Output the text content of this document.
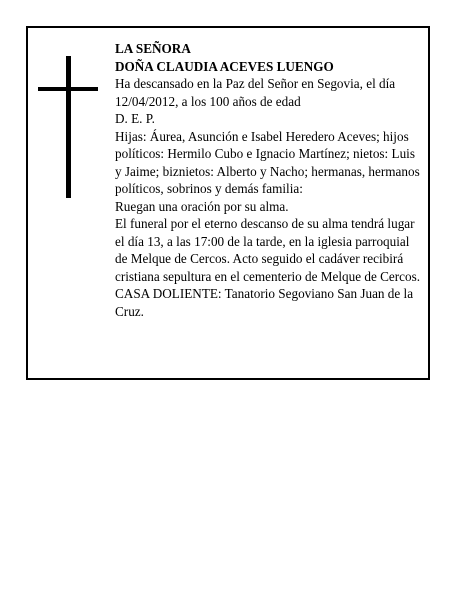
LA SEÑORA

DOÑA CLAUDIA ACEVES LUENGO

Ha descansado en la Paz del Señor en Segovia, el día 12/04/2012, a los 100 años de edad

D. E. P.

Hijas: Áurea, Asunción e Isabel Heredero Aceves; hijos políticos: Hermilo Cubo e Ignacio Martínez; nietos: Luis y Jaime; biznietos: Alberto y Nacho; hermanas, hermanos políticos, sobrinos y demás familia:

Ruegan una oración por su alma.

El funeral por el eterno descanso de su alma tendrá lugar el día 13, a las 17:00 de la tarde, en la iglesia parroquial de Melque de Cercos. Acto seguido el cadáver recibirá cristiana sepultura en el cementerio de Melque de Cercos.

CASA DOLIENTE: Tanatorio Segoviano San Juan de la Cruz.
